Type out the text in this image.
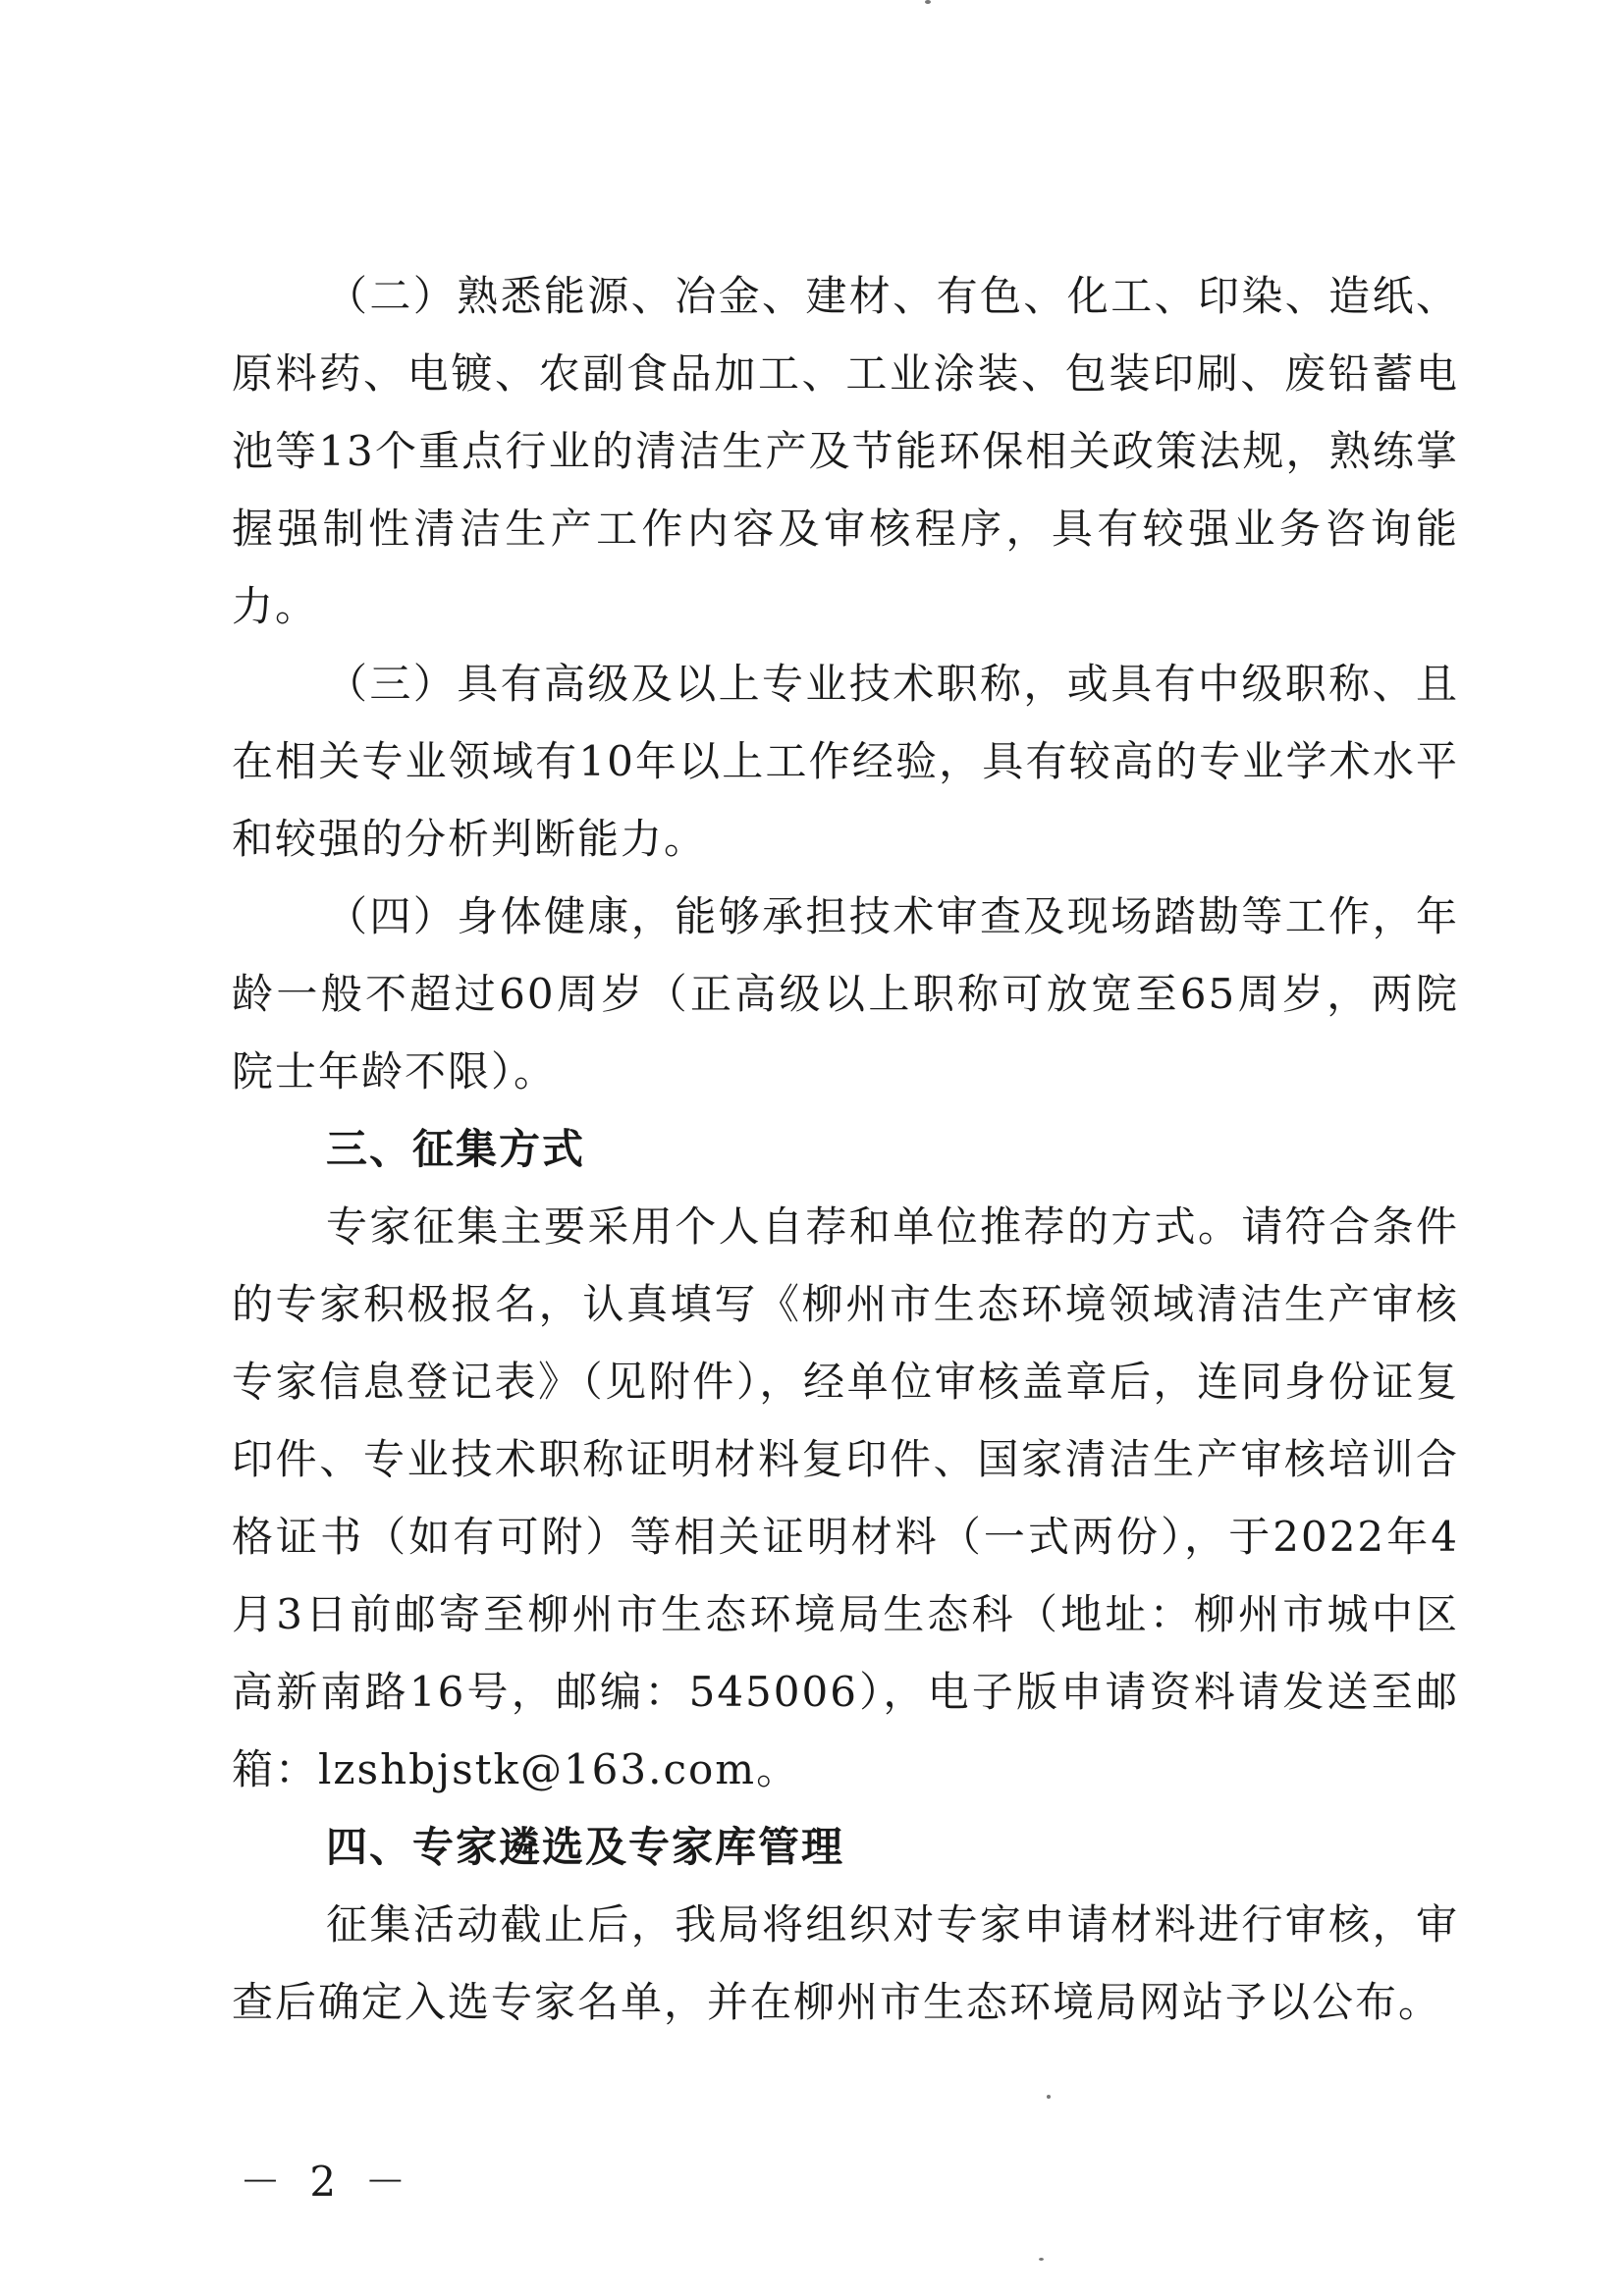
（二）熟悉能源、冶金、建材、有色、化工、印染、造纸、原料药、电镀、农副食品加工、工业涂装、包装印刷、废铅蓄电池等13个重点行业的清洁生产及节能环保相关政策法规，熟练掌握强制性清洁生产工作内容及审核程序，具有较强业务咨询能力。

（三）具有高级及以上专业技术职称，或具有中级职称、且在相关专业领域有10年以上工作经验，具有较高的专业学术水平和较强的分析判断能力。

（四）身体健康，能够承担技术审查及现场踏勘等工作，年龄一般不超过60周岁（正高级以上职称可放宽至65周岁，两院院士年龄不限）。

三、征集方式

专家征集主要采用个人自荐和单位推荐的方式。请符合条件的专家积极报名，认真填写《柳州市生态环境领域清洁生产审核专家信息登记表》（见附件），经单位审核盖章后，连同身份证复印件、专业技术职称证明材料复印件、国家清洁生产审核培训合格证书（如有可附）等相关证明材料（一式两份），于2022年4月3日前邮寄至柳州市生态环境局生态科（地址：柳州市城中区高新南路16号，邮编：545006），电子版申请资料请发送至邮箱：lzshbjstk@163.com。

四、专家遴选及专家库管理

征集活动截止后，我局将组织对专家申请材料进行审核，审查后确定入选专家名单，并在柳州市生态环境局网站予以公布。

－ 2 －
